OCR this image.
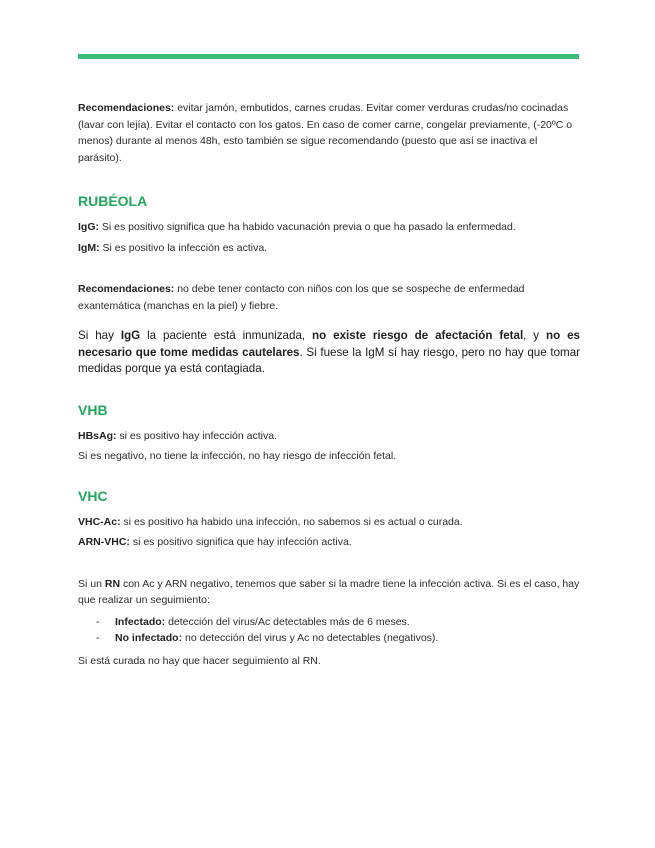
Recomendaciones: evitar jamón, embutidos, carnes crudas. Evitar comer verduras crudas/no cocinadas (lavar con lejía). Evitar el contacto con los gatos. En caso de comer carne, congelar previamente, (-20ºC o menos) durante al menos 48h, esto también se sigue recomendando (puesto que así se inactiva el parásito).

RUBÉOLA

IgG: Si es positivo significa que ha habido vacunación previa o que ha pasado la enfermedad.

IgM: Si es positivo la infección es activa.

Recomendaciones: no debe tener contacto con niños con los que se sospeche de enfermedad exantemática (manchas en la piel) y fiebre.

Si hay IgG la paciente está inmunizada, no existe riesgo de afectación fetal, y no es necesario que tome medidas cautelares. Si fuese la IgM sí hay riesgo, pero no hay que tomar medidas porque ya está contagiada.

VHB

HBsAg: si es positivo hay infección activa.

Si es negativo, no tiene la infección, no hay riesgo de infección fetal.

VHC

VHC-Ac: si es positivo ha habido una infección, no sabemos si es actual o curada.

ARN-VHC: si es positivo significa que hay infección activa.

Si un RN con Ac y ARN negativo, tenemos que saber si la madre tiene la infección activa. Si es el caso, hay que realizar un seguimiento:

- Infectado: detección del virus/Ac detectables más de 6 meses.
- No infectado: no detección del virus y Ac no detectables (negativos).

Si está curada no hay que hacer seguimiento al RN.
